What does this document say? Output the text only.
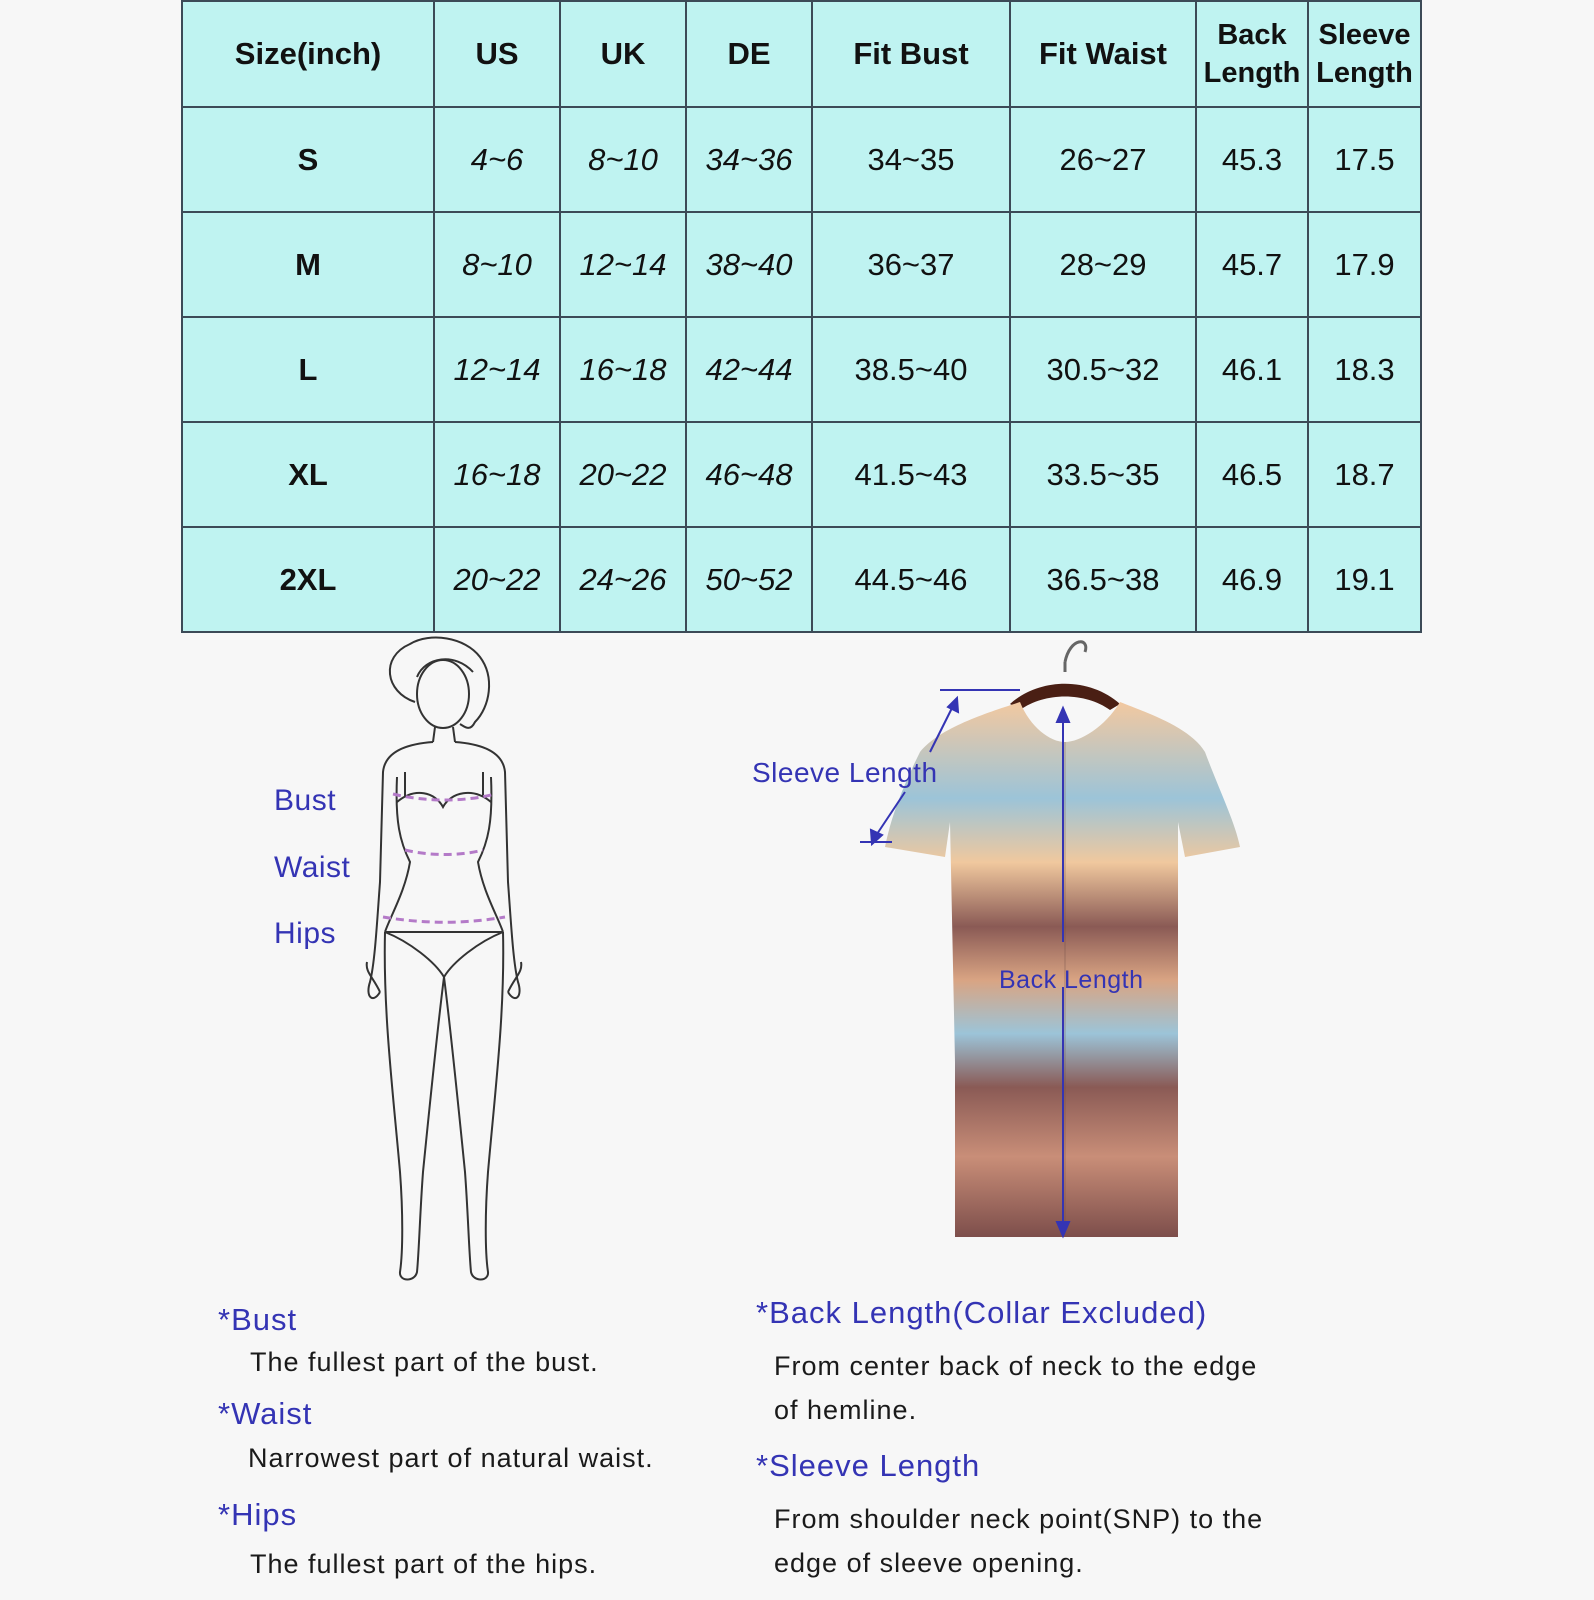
Size(inch)	US	UK	DE	Fit Bust	Fit Waist	Back Length	Sleeve Length
S	4~6	8~10	34~36	34~35	26~27	45.3	17.5
M	8~10	12~14	38~40	36~37	28~29	45.7	17.9
L	12~14	16~18	42~44	38.5~40	30.5~32	46.1	18.3
XL	16~18	20~22	46~48	41.5~43	33.5~35	46.5	18.7
2XL	20~22	24~26	50~52	44.5~46	36.5~38	46.9	19.1
Bust
Waist
Hips
Sleeve Length
Back Length
*Bust
The fullest part of the bust.
*Waist
Narrowest part of natural waist.
*Hips
The fullest part of the hips.
*Back Length(Collar Excluded)
From center back of neck to the edge
of hemline.
*Sleeve Length
From shoulder neck point(SNP) to the
edge of sleeve opening.
